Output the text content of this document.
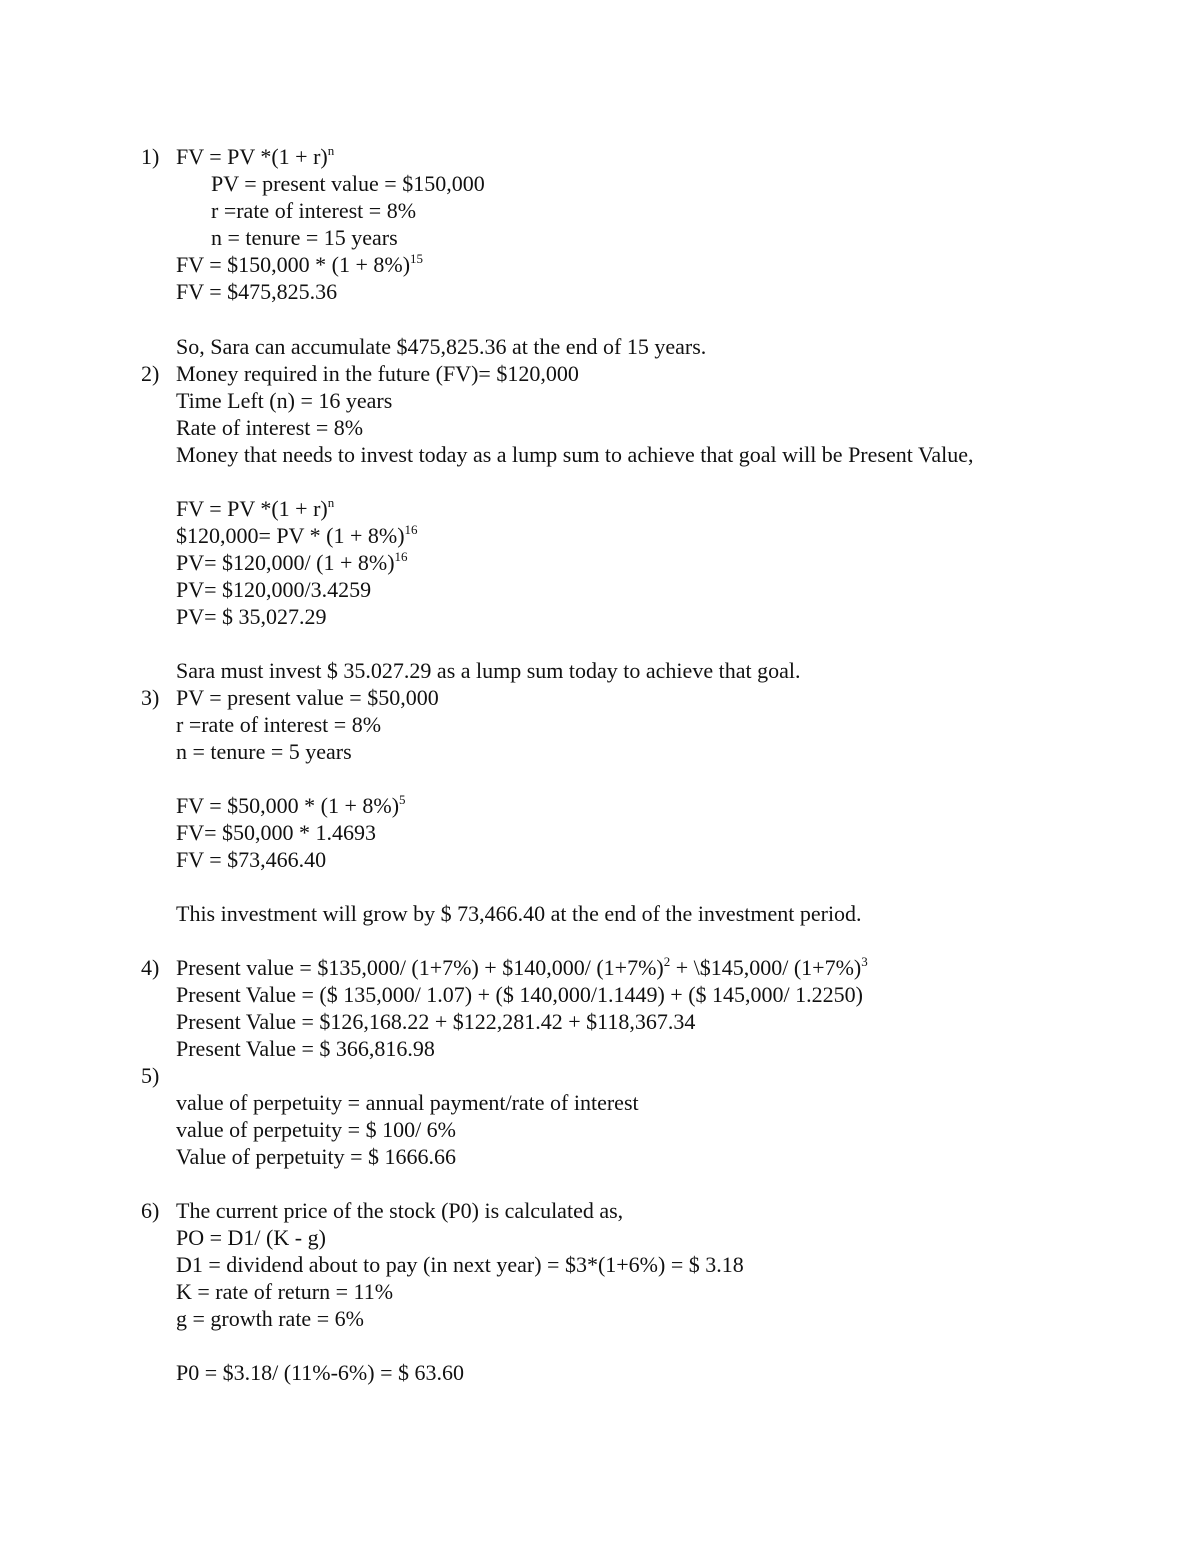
1) FV = PV $*(1 + r)^n$
PV = present value = $150,000
r =rate of interest = 8%
n = tenure = 15 years
FV = $150,000 * $(1 + 8\%)^{15}$
FV = $475,825.36
So, Sara can accumulate $475,825.36 at the end of 15 years.
2) Money required in the future (FV)= $120,000
Time Left (n) = 16 years
Rate of interest = 8%
Money that needs to invest today as a lump sum to achieve that goal will be Present Value,
FV = PV $*(1 + r)^n$
$120,000= PV * $(1 + 8\%)^{16}$
PV= $120,000/ $(1 + 8\%)^{16}$
PV= $120,000/3.4259
PV= $ 35,027.29
Sara must invest $ 35.027.29 as a lump sum today to achieve that goal.
3) PV = present value = $50,000
r =rate of interest = 8%
n = tenure = 5 years
FV = $50,000 * $(1 + 8\%)^5$
FV= $50,000 * 1.4693
FV = $73,466.40
This investment will grow by $ 73,466.40 at the end of the investment period.
4) Present value = $135,000/ (1+7%) + $140,000/ $(1+7\%)^2$ + \$145,000/ $(1+7\%)^3$
Present Value = ($ 135,000/ 1.07) + ($ 140,000/1.1449) + ($ 145,000/ 1.2250)
Present Value = $126,168.22 + $122,281.42 + $118,367.34
Present Value = $ 366,816.98
5)
value of perpetuity = annual payment/rate of interest
value of perpetuity = $ 100/ 6%
Value of perpetuity = $ 1666.66
6) The current price of the stock (P0) is calculated as,
PO = D1/ (K - g)
D1 = dividend about to pay (in next year) = $3*(1+6%) = $ 3.18
K = rate of return = 11%
g = growth rate = 6%
P0 = $3.18/ (11%-6%) = $ 63.60
